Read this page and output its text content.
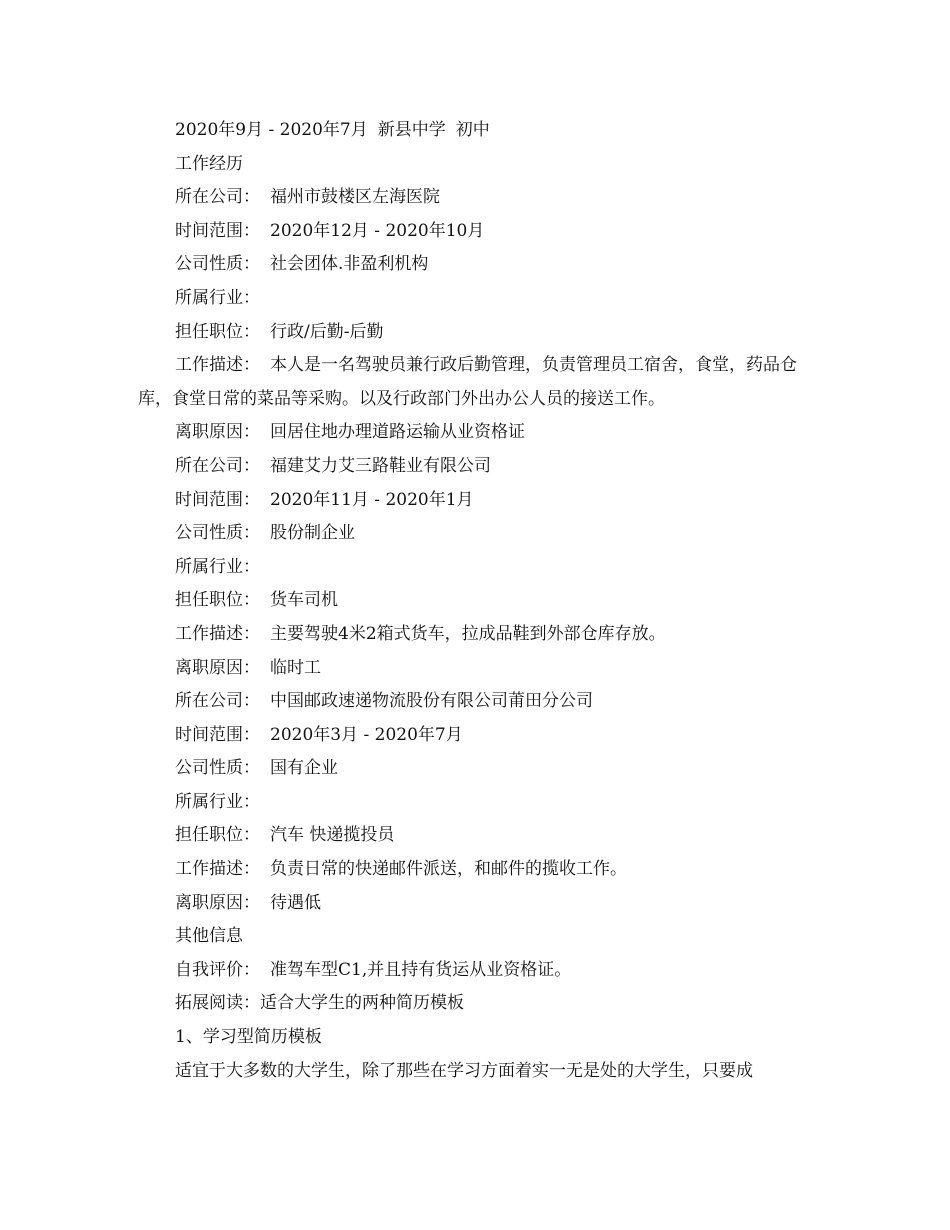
2020年9月 - 2020年7月 新县中学 初中
工作经历
所在公司： 福州市鼓楼区左海医院
时间范围： 2020年12月 - 2020年10月
公司性质： 社会团体.非盈利机构
所属行业：
担任职位： 行政/后勤-后勤
工作描述： 本人是一名驾驶员兼行政后勤管理，负责管理员工宿舍，食堂，药品仓库，食堂日常的菜品等采购。以及行政部门外出办公人员的接送工作。
离职原因： 回居住地办理道路运输从业资格证
所在公司： 福建艾力艾三路鞋业有限公司
时间范围： 2020年11月 - 2020年1月
公司性质： 股份制企业
所属行业：
担任职位： 货车司机
工作描述： 主要驾驶4米2箱式货车，拉成品鞋到外部仓库存放。
离职原因： 临时工
所在公司： 中国邮政速递物流股份有限公司莆田分公司
时间范围： 2020年3月 - 2020年7月
公司性质： 国有企业
所属行业：
担任职位： 汽车 快递揽投员
工作描述： 负责日常的快递邮件派送，和邮件的揽收工作。
离职原因： 待遇低
其他信息
自我评价： 准驾车型C1,并且持有货运从业资格证。
拓展阅读：适合大学生的两种简历模板
1、学习型简历模板
适宜于大多数的大学生，除了那些在学习方面着实一无是处的大学生，只要成
